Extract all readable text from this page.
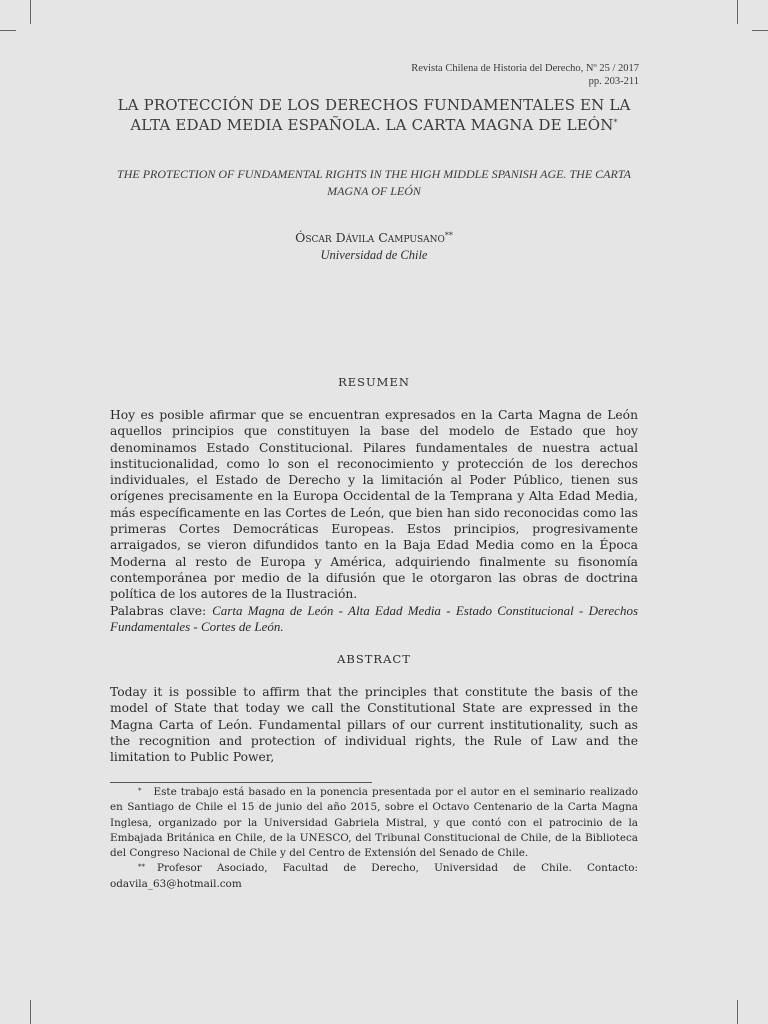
Revista Chilena de Historia del Derecho, Nº 25 / 2017
pp. 203-211
LA PROTECCIÓN DE LOS DERECHOS FUNDAMENTALES EN LA ALTA EDAD MEDIA ESPAÑOLA. LA CARTA MAGNA DE LEÓN*
THE PROTECTION OF FUNDAMENTAL RIGHTS IN THE HIGH MIDDLE SPANISH AGE. THE CARTA MAGNA OF LEÓN
Óscar Dávila Campusano**
Universidad de Chile
RESUMEN

Hoy es posible afirmar que se encuentran expresados en la Carta Magna de León aquellos principios que constituyen la base del modelo de Estado que hoy denominamos Estado Constitucional. Pilares fundamentales de nuestra actual institucionalidad, como lo son el reconocimiento y protección de los derechos individuales, el Estado de Derecho y la limitación al Poder Público, tienen sus orígenes precisamente en la Europa Occidental de la Temprana y Alta Edad Media, más específicamente en las Cortes de León, que bien han sido reconocidas como las primeras Cortes Democráticas Europeas. Estos principios, progresivamente arraigados, se vieron difundidos tanto en la Baja Edad Media como en la Época Moderna al resto de Europa y América, adquiriendo finalmente su fisonomía contemporánea por medio de la difusión que le otorgaron las obras de doctrina política de los autores de la Ilustración.

Palabras clave: Carta Magna de León - Alta Edad Media - Estado Constitucional - Derechos Fundamentales - Cortes de León.

ABSTRACT

Today it is possible to affirm that the principles that constitute the basis of the model of State that today we call the Constitutional State are expressed in the Magna Carta of León. Fundamental pillars of our current institutionality, such as the recognition and protection of individual rights, the Rule of Law and the limitation to Public Power,

* Este trabajo está basado en la ponencia presentada por el autor en el seminario realizado en Santiago de Chile el 15 de junio del año 2015, sobre el Octavo Centenario de la Carta Magna Inglesa, organizado por la Universidad Gabriela Mistral, y que contó con el patrocinio de la Embajada Británica en Chile, de la UNESCO, del Tribunal Constitucional de Chile, de la Biblioteca del Congreso Nacional de Chile y del Centro de Extensión del Senado de Chile.

** Profesor Asociado, Facultad de Derecho, Universidad de Chile. Contacto: odavila_63@hotmail.com
